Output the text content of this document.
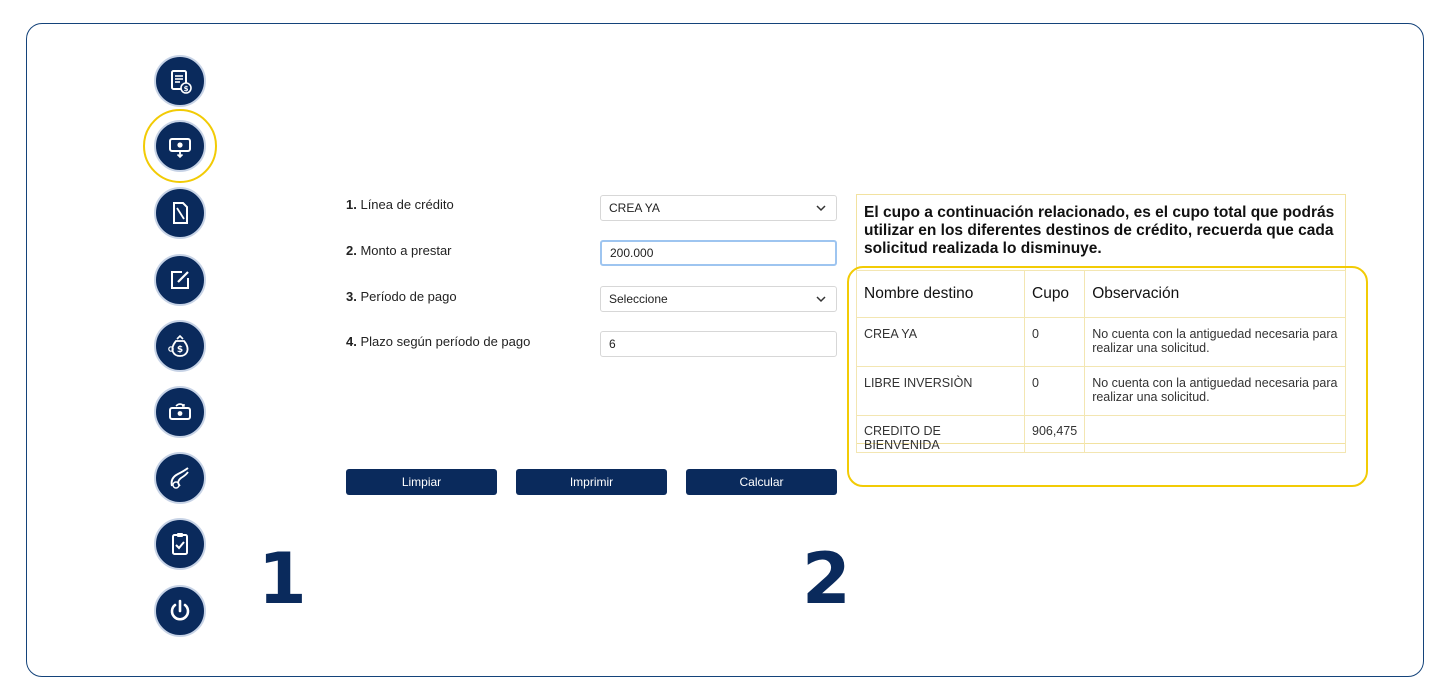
$
$
1	2
1. Línea de crédito	CREA YA
2. Monto a prestar	200.000
3. Período de pago	Seleccione
4. Plazo según período de pago	6
Limpiar	Imprimir	Calcular
El cupo a continuación relacionado, es el cupo total que podrás utilizar en los diferentes destinos de crédito, recuerda que cada solicitud realizada lo disminuye.
Nombre destino	Cupo	Observación
CREA YA	0	No cuenta con la antiguedad necesaria para realizar una solicitud.
LIBRE INVERSIÒN	0	No cuenta con la antiguedad necesaria para realizar una solicitud.
CREDITO DE BIENVENIDA	906,475	
